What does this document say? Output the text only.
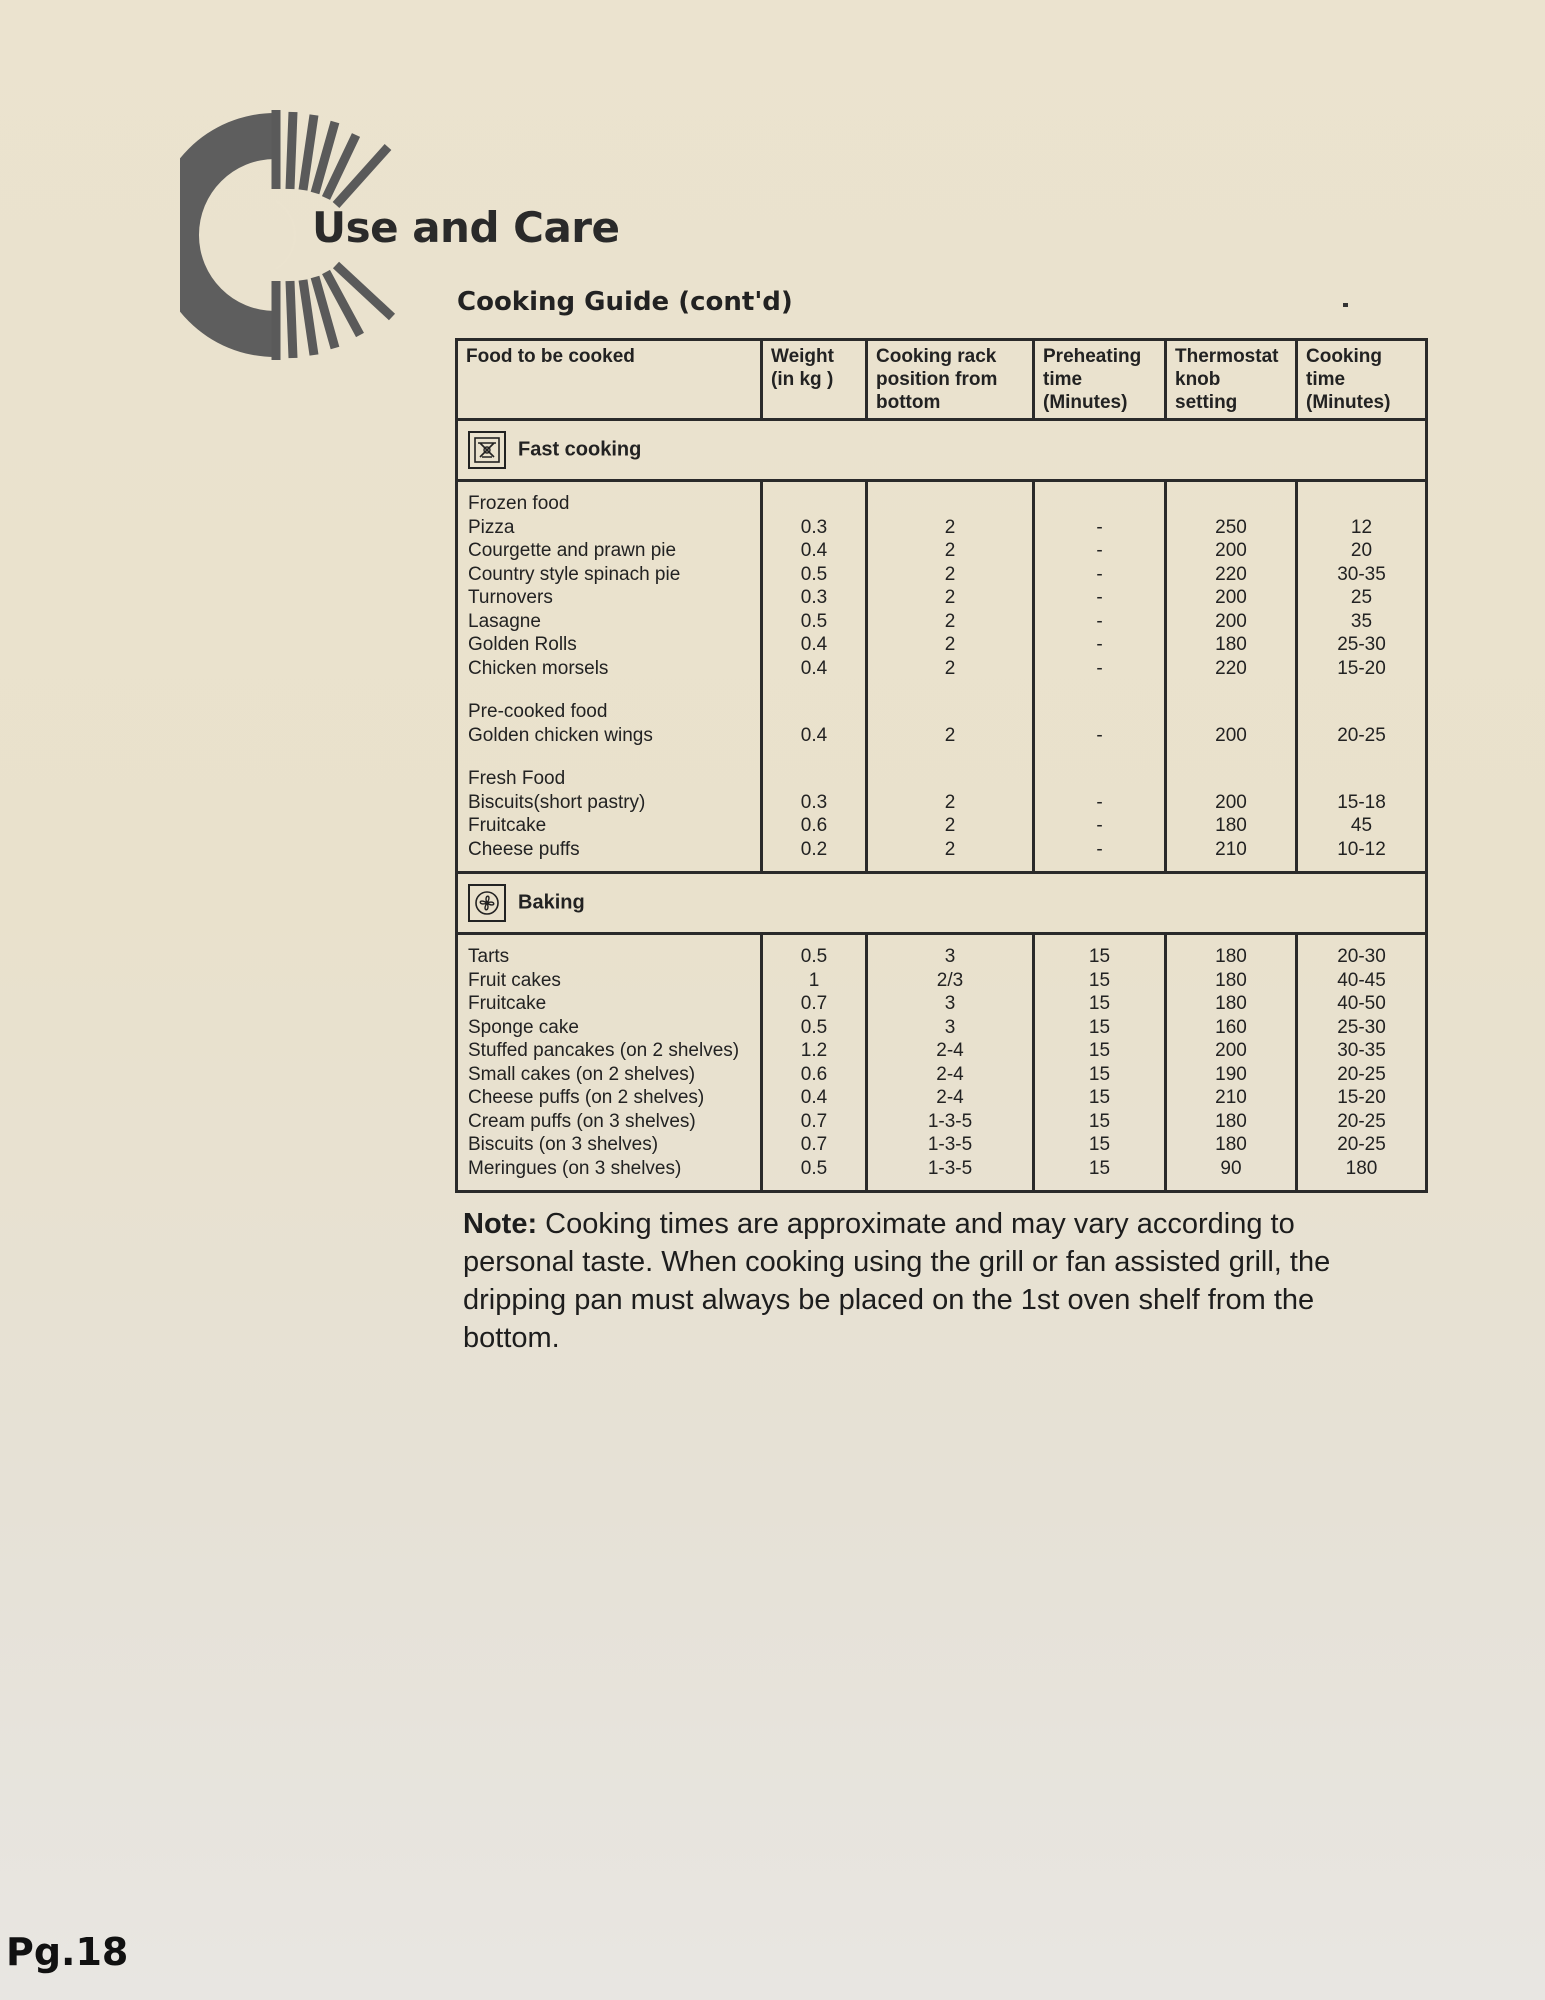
Use and Care
Cooking Guide (cont'd)
Food to be cooked	Weight (in kg )	Cooking rack position from bottom	Preheating time (Minutes)	Thermostat knob setting	Cooking time (Minutes)

Fast cooking					
Frozen food					
Pizza	0.3	2	-	250	12
Courgette and prawn pie	0.4	2	-	200	20
Country style spinach pie	0.5	2	-	220	30-35
Turnovers	0.3	2	-	200	25
Lasagne	0.5	2	-	200	35
Golden Rolls	0.4	2	-	180	25-30
Chicken morsels	0.4	2	-	220	15-20
Pre-cooked food					
Golden chicken wings	0.4	2	-	200	20-25
Fresh Food					
Biscuits(short pastry)	0.3	2	-	200	15-18
Fruitcake	0.6	2	-	180	45
Cheese puffs	0.2	2	-	210	10-12

Baking					
Tarts	0.5	3	15	180	20-30
Fruit cakes	1	2/3	15	180	40-45
Fruitcake	0.7	3	15	180	40-50
Sponge cake	0.5	3	15	160	25-30
Stuffed pancakes (on 2 shelves)	1.2	2-4	15	200	30-35
Small cakes (on 2 shelves)	0.6	2-4	15	190	20-25
Cheese puffs (on 2 shelves)	0.4	2-4	15	210	15-20
Cream puffs (on 3 shelves)	0.7	1-3-5	15	180	20-25
Biscuits (on 3 shelves)	0.7	1-3-5	15	180	20-25
Meringues (on 3 shelves)	0.5	1-3-5	15	90	180
Note: Cooking times are approximate and may vary according to personal taste. When cooking using the grill or fan assisted grill, the dripping pan must always be placed on the 1st oven shelf from the bottom.
Pg.18
